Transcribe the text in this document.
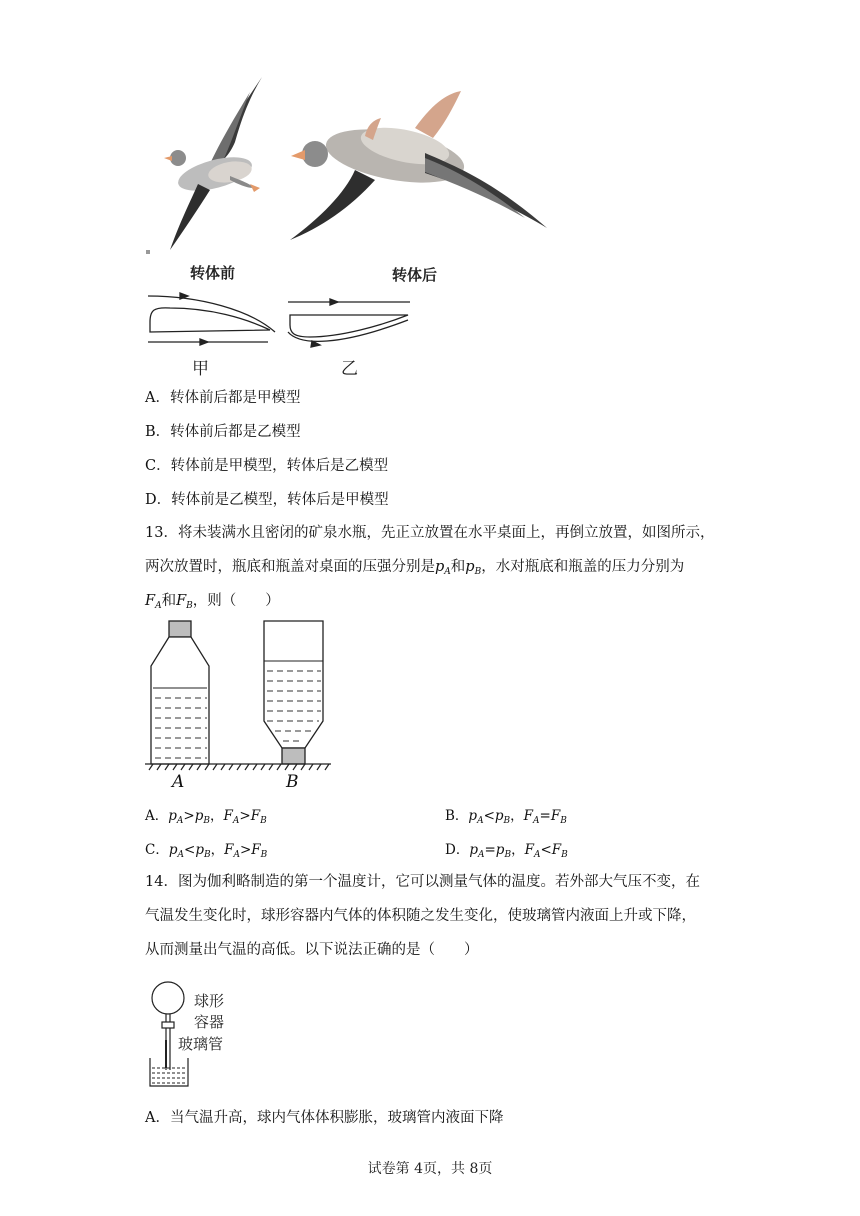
转体前	转体后
甲	乙
A．转体前后都是甲模型
B．转体前后都是乙模型
C．转体前是甲模型，转体后是乙模型
D．转体前是乙模型，转体后是甲模型
13．将未装满水且密闭的矿泉水瓶，先正立放置在水平桌面上，再倒立放置，如图所示，
两次放置时，瓶底和瓶盖对桌面的压强分别是$p_A$和$p_B$，水对瓶底和瓶盖的压力分别为
$F_A$和$F_B$，则（　　）
A	B
A．$p_A>p_B$，$F_A>F_B$	B．$p_A<p_B$，$F_A=F_B$
C．$p_A<p_B$，$F_A>F_B$	D．$p_A=p_B$，$F_A<F_B$
14．图为伽利略制造的第一个温度计，它可以测量气体的温度。若外部大气压不变，在
气温发生变化时，球形容器内气体的体积随之发生变化，使玻璃管内液面上升或下降，
从而测量出气温的高低。以下说法正确的是（　　）
球形
容器
玻璃管
A．当气温升高，球内气体体积膨胀，玻璃管内液面下降
试卷第 4页，共 8页
